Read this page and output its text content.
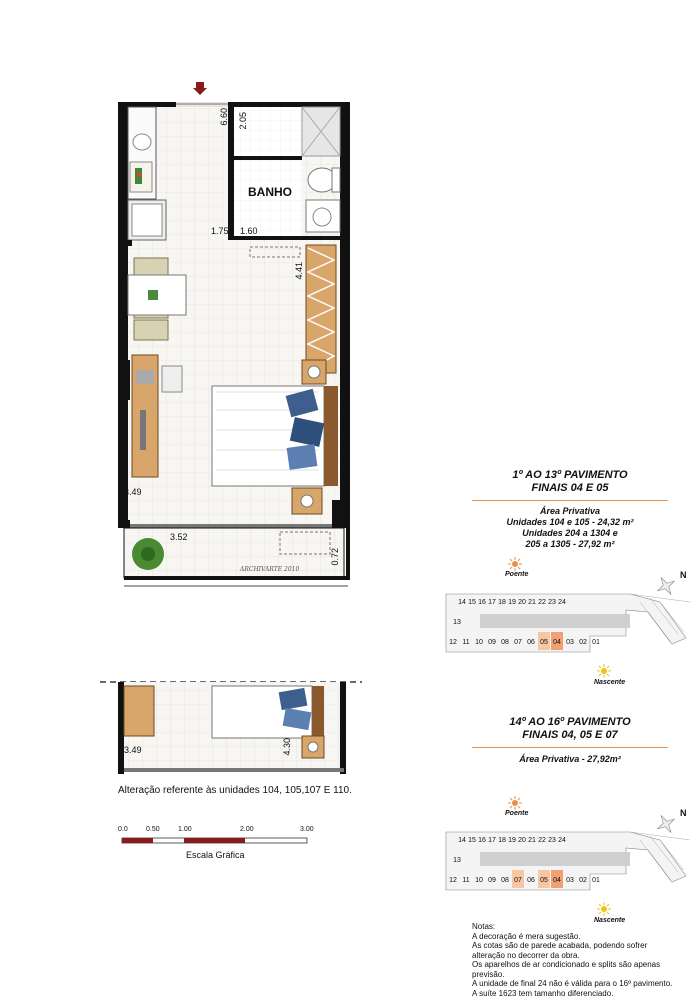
BANHO
6.60 2.05
1.75 1.60
4.41
3.49
3.52
0.72
ARCHIVARTE 2010
3.49	4.30
Alteração referente às unidades 104, 105,107 E 110.
0.0	0.50	1.00	2.00	3.00
Escala Gráfica
1º AO 13º PAVIMENTO
FINAIS 04 E 05
Área Privativa
Unidades 104 e 105 - 24,32 m²
Unidades 204 a 1304 e
205 a 1305 - 27,92 m²
Poente	N
14 15 16 17 18 19 20 21 22 23 24
13
12 11 10 09 08 07 06 05 04 03 02 01
Nascente
14º AO 16º PAVIMENTO
FINAIS 04, 05 E 07
Área Privativa - 27,92m²
Poente	N
14 15 16 17 18 19 20 21 22 23 24
13
12 11 10 09 08 07 06 05 04 03 02 01
Nascente

Notas:

A decoração é mera sugestão.

As cotas são de parede acabada, podendo sofrer

alteração no decorrer da obra.

Os aparelhos de ar condicionado e splits são apenas previsão.

A unidade de final 24 não é válida para o 16º pavimento.

A suíte 1623 tem tamanho diferenciado.
